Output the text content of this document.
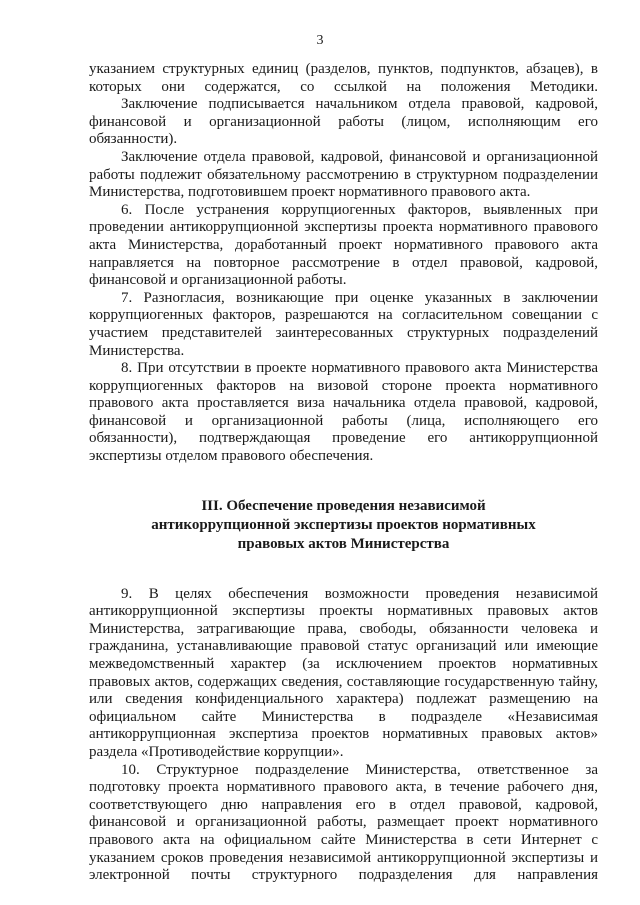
3

указанием структурных единиц (разделов, пунктов, подпунктов, абзацев), в которых они содержатся, со ссылкой на положения Методики.

Заключение подписывается начальником отдела правовой, кадровой, финансовой и организационной работы (лицом, исполняющим его обязанности).

Заключение отдела правовой, кадровой, финансовой и организационной работы подлежит обязательному рассмотрению в структурном подразделении Министерства, подготовившем проект нормативного правового акта.

6. После устранения коррупциогенных факторов, выявленных при проведении антикоррупционной экспертизы проекта нормативного правового акта Министерства, доработанный проект нормативного правового акта направляется на повторное рассмотрение в отдел правовой, кадровой, финансовой и организационной работы.

7. Разногласия, возникающие при оценке указанных в заключении коррупциогенных факторов, разрешаются на согласительном совещании с участием представителей заинтересованных структурных подразделений Министерства.

8. При отсутствии в проекте нормативного правового акта Министерства коррупциогенных факторов на визовой стороне проекта нормативного правового акта проставляется виза начальника отдела правовой, кадровой, финансовой и организационной работы (лица, исполняющего его обязанности), подтверждающая проведение его антикоррупционной экспертизы отделом правового обеспечения.

III. Обеспечение проведения независимой
антикоррупционной экспертизы проектов нормативных
правовых актов Министерства

9. В целях обеспечения возможности проведения независимой антикоррупционной экспертизы проекты нормативных правовых актов Министерства, затрагивающие права, свободы, обязанности человека и гражданина, устанавливающие правовой статус организаций или имеющие межведомственный характер (за исключением проектов нормативных правовых актов, содержащих сведения, составляющие государственную тайну, или сведения конфиденциального характера) подлежат размещению на официальном сайте Министерства в подразделе «Независимая антикоррупционная экспертиза проектов нормативных правовых актов» раздела «Противодействие коррупции».

10. Структурное подразделение Министерства, ответственное за подготовку проекта нормативного правового акта, в течение рабочего дня, соответствующего дню направления его в отдел правовой, кадровой, финансовой и организационной работы, размещает проект нормативного правового акта на официальном сайте Министерства в сети Интернет с указанием сроков проведения независимой антикоррупционной экспертизы и электронной почты структурного подразделения для направления
